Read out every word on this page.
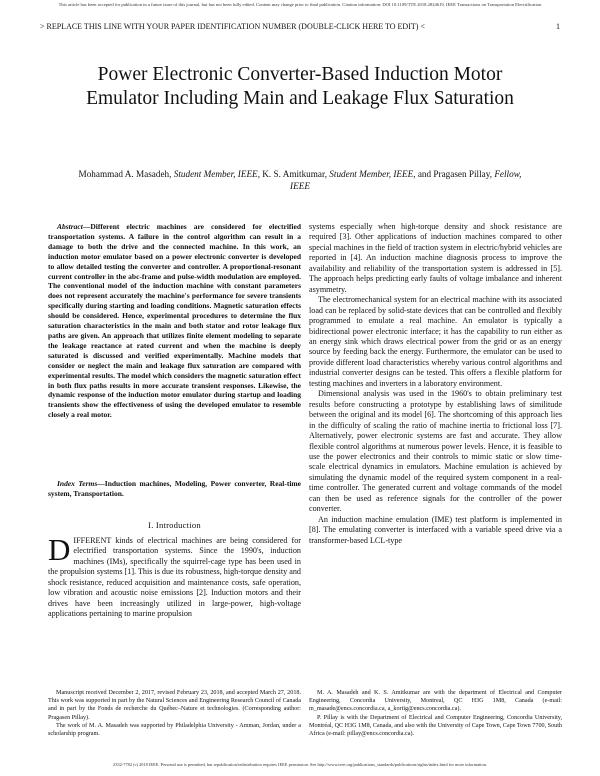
This article has been accepted for publication in a future issue of this journal, but has not been fully edited. Content may change prior to final publication. Citation information: DOI 10.1109/TTE.2018.2824619, IEEE Transactions on Transportation Electrification
> REPLACE THIS LINE WITH YOUR PAPER IDENTIFICATION NUMBER (DOUBLE-CLICK HERE TO EDIT) <	1
Power Electronic Converter-Based Induction Motor Emulator Including Main and Leakage Flux Saturation
Mohammad A. Masadeh, Student Member, IEEE, K. S. Amitkumar, Student Member, IEEE, and Pragasen Pillay, Fellow, IEEE

Abstract—Different electric machines are considered for electrified transportation systems. A failure in the control algorithm can result in a damage to both the drive and the connected machine. In this work, an induction motor emulator based on a power electronic converter is developed to allow detailed testing the converter and controller. A proportional-resonant current controller in the abc-frame and pulse-width modulation are employed. The conventional model of the induction machine with constant parameters does not represent accurately the machine's performance for severe transients specifically during starting and loading conditions. Magnetic saturation effects should be considered. Hence, experimental procedures to determine the flux saturation characteristics in the main and both stator and rotor leakage flux paths are given. An approach that utilizes finite element modeling to separate the leakage reactance at rated current and when the machine is deeply saturated is discussed and verified experimentally. Machine models that consider or neglect the main and leakage flux saturation are compared with experimental results. The model which considers the magnetic saturation effect in both flux paths results in more accurate transient responses. Likewise, the dynamic response of the induction motor emulator during startup and loading transients show the effectiveness of using the developed emulator to resemble closely a real motor.

Index Terms—Induction machines, Modeling, Power converter, Real-time system, Transportation.

I. Introduction

DIFFERENT kinds of electrical machines are being considered for electrified transportation systems. Since the 1990's, induction machines (IMs), specifically the squirrel-cage type has been used in the propulsion systems [1]. This is due its robustness, high-torque density and shock resistance, reduced acquisition and maintenance costs, safe operation, low vibration and acoustic noise emissions [2]. Induction motors and their drives have been increasingly utilized in large-power, high-voltage applications pertaining to marine propulsion

systems especially when high-torque density and shock resistance are required [3]. Other applications of induction machines compared to other special machines in the field of traction system in electric/hybrid vehicles are reported in [4]. An induction machine diagnosis process to improve the availability and reliability of the transportation system is addressed in [5]. The approach helps predicting early faults of voltage imbalance and inherent asymmetry.

The electromechanical system for an electrical machine with its associated load can be replaced by solid-state devices that can be controlled and flexibly programmed to emulate a real machine. An emulator is typically a bidirectional power electronic interface; it has the capability to run either as an energy sink which draws electrical power from the grid or as an energy source by feeding back the energy. Furthermore, the emulator can be used to provide different load characteristics whereby various control algorithms and industrial converter designs can be tested. This offers a flexible platform for testing machines and inverters in a laboratory environment.

Dimensional analysis was used in the 1960's to obtain preliminary test results before constructing a prototype by establishing laws of similitude between the original and its model [6]. The shortcoming of this approach lies in the difficulty of scaling the ratio of machine inertia to frictional loss [7]. Alternatively, power electronic systems are fast and accurate. They allow flexible control algorithms at numerous power levels. Hence, it is feasible to use the power electronics and their controls to mimic static or slow time-scale electrical dynamics in emulators. Machine emulation is achieved by simulating the dynamic model of the required system component in a real-time controller. The generated current and voltage commands of the model can then be used as reference signals for the controller of the power converter.

An induction machine emulation (IME) test platform is implemented in [8]. The emulating converter is interfaced with a variable speed drive via a transformer-based LCL-type

Manuscript received December 2, 2017, revised February 23, 2018, and accepted March 27, 2018. This work was supported in part by the Natural Sciences and Engineering Research Council of Canada and in part by the Fonds de recherche du Québec–Nature et technologies. (Corresponding author: Pragasen Pillay).

The work of M. A. Masadeh was supported by Philadelphia University - Amman, Jordan, under a scholarship program.

M. A. Masadeh and K. S. Amitkumar are with the department of Electrical and Computer Engineering, Concordia University, Montreal, QC H3G 1M8, Canada (e-mail: m_masade@encs.concordia.ca, a_kortig@encs.concordia.ca).

P. Pillay is with the Department of Electrical and Computer Engineering, Concordia University, Montréal, QC H3G 1M8, Canada, and also with the University of Cape Town, Cape Town 7700, South Africa (e-mail: pillay@encs.concordia.ca).

2332-7782 (c) 2018 IEEE. Personal use is permitted, but republication/redistribution requires IEEE permission. See http://www.ieee.org/publications_standards/publications/rights/index.html for more information.
